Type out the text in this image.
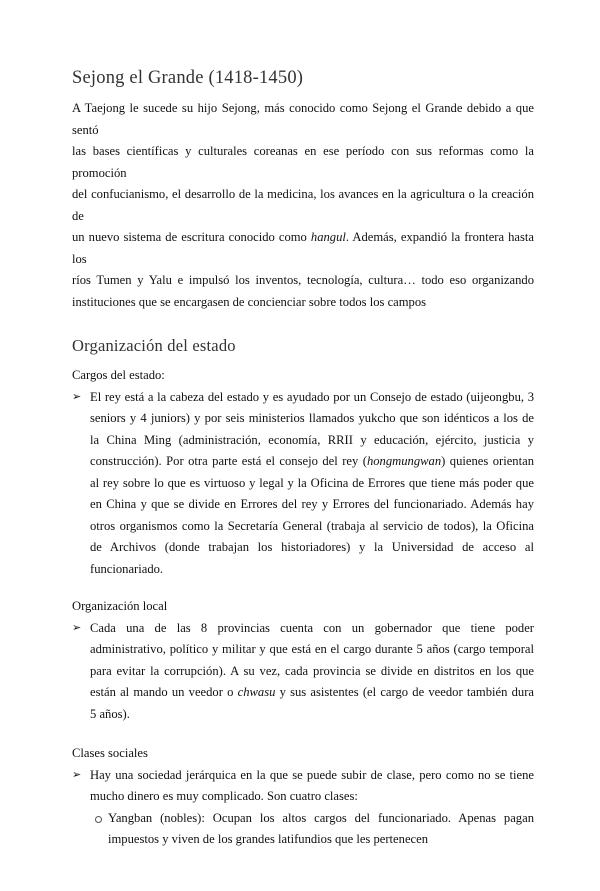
Sejong el Grande (1418-1450)
A Taejong le sucede su hijo Sejong, más conocido como Sejong el Grande debido a que sentó
las bases científicas y culturales coreanas en ese período con sus reformas como la promoción
del confucianismo, el desarrollo de la medicina, los avances en la agricultura o la creación de
un nuevo sistema de escritura conocido como hangul. Además, expandió la frontera hasta los
ríos Tumen y Yalu e impulsó los inventos, tecnología, cultura… todo eso organizando
instituciones que se encargasen de concienciar sobre todos los campos
Organización del estado
Cargos del estado:
➢ El rey está a la cabeza del estado y es ayudado por un Consejo de estado (uijeongbu, 3
seniors y 4 juniors) y por seis ministerios llamados yukcho que son idénticos a los de
la China Ming (administración, economía, RRII y educación, ejército, justicia y
construcción). Por otra parte está el consejo del rey (hongmungwan) quienes orientan
al rey sobre lo que es virtuoso y legal y la Oficina de Errores que tiene más poder que
en China y que se divide en Errores del rey y Errores del funcionariado. Además hay
otros organismos como la Secretaría General (trabaja al servicio de todos), la Oficina
de Archivos (donde trabajan los historiadores) y la Universidad de acceso al
funcionariado.
Organización local
➢ Cada una de las 8 provincias cuenta con un gobernador que tiene poder
administrativo, político y militar y que está en el cargo durante 5 años (cargo temporal
para evitar la corrupción). A su vez, cada provincia se divide en distritos en los que
están al mando un veedor o chwasu y sus asistentes (el cargo de veedor también dura
5 años).
Clases sociales
➢ Hay una sociedad jerárquica en la que se puede subir de clase, pero como no se tiene
mucho dinero es muy complicado. Son cuatro clases:
Yangban (nobles): Ocupan los altos cargos del funcionariado. Apenas pagan
impuestos y viven de los grandes latifundios que les pertenecen
